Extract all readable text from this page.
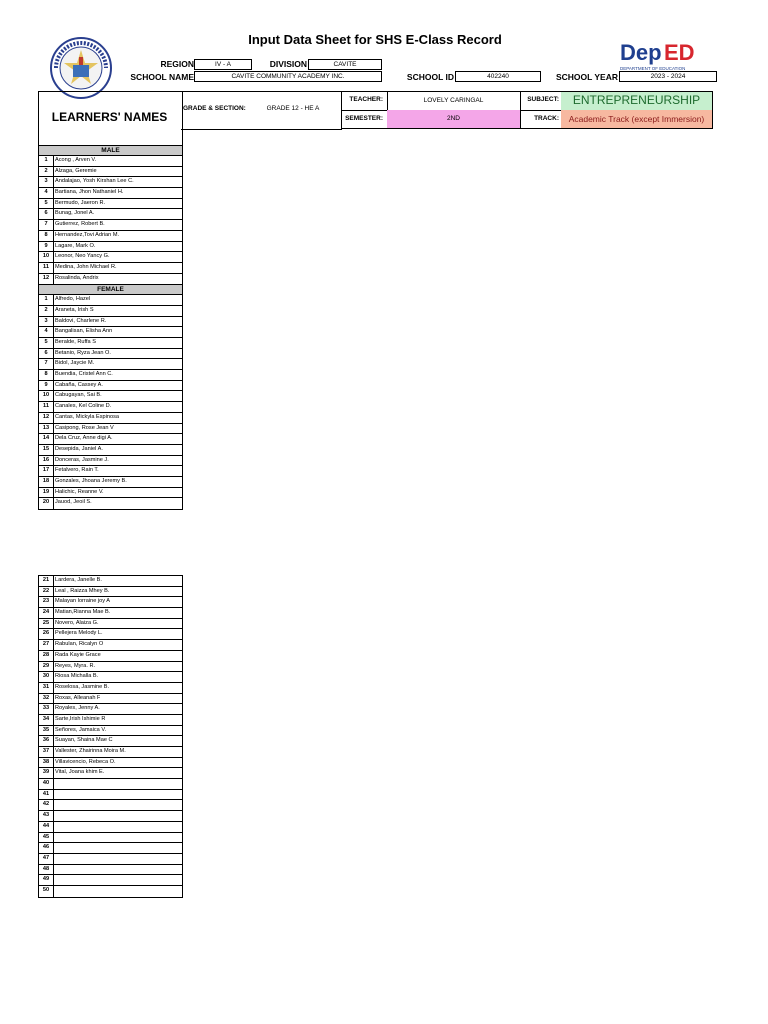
Input Data Sheet for SHS E-Class Record
Dep ED
DEPARTMENT OF EDUCATION
REGION	IV - A	DIVISION	CAVITE
SCHOOL NAME	CAVITE COMMUNITY ACADEMY INC.	SCHOOL ID	402240	SCHOOL YEAR	2023 - 2024
LEARNERS' NAMES
GRADE & SECTION:	GRADE 12 - HE A
TEACHER:	LOVELY CARINGAL
SEMESTER:	2ND
SUBJECT:	ENTREPRENEURSHIP
TRACK:	Academic Track (except Immersion)
MALE
1	Acong , Arven V.
2	Alzaga, Geremie
3	Andalajao, Yosh Kirshan Lee C.
4	Bartiana, Jhon Nathaniel H.
5	Bermudo, Jaeron R.
6	Bunag, Jonel A.
7	Gutierrez, Robert B.
8	Hernandez,Tovi Adrian M.
9	Lagare, Mark O.
10	Leonor, Neo Yancy G.
11	Medina, John Michael R.
12	Rosalinda, Andrix
FEMALE
1	Alfredo, Hazel
2	Araneta, Irish S
3	Baldovi, Charlene R.
4	Bangalisan, Elisha Ann
5	Beralde, Ruffa S
6	Betanio, Ryza Jean O.
7	Bidol, Jaycie M.
8	Buendia, Cristel Ann C.
9	Cabaña, Cassey A.
10	Cabugayan, Sai B.
11	Canales, Kel Coline D.
12	Cantas, Mickyla Espinosa
13	Casipong, Rose Jean V
14	Dela Cruz, Anne digi A.
15	Desepida, Janiel A.
16	Donceras, Jasmine J.
17	Fetalvero, Rain T.
18	Gonzales, Jhoana Jeremy B.
19	Halichic, Reanne V.
20	Jauod, Jeoil S.
21	Lardera, Janelle B.
22	Leal , Raizza Mhey B.
23	Malayan lorraine joy A
24	Matian,Rianna Mae B.
25	Novero, Alaiza G.
26	Pellejera Melody L.
27	Rabulan, Ricalyn O
28	Rada Kayie Grace
29	Reyes, Myra. R.
30	Riosa Michalla B.
31	Roselosa, Jasmine B.
32	Roxas, Alleanah F
33	Royales, Jenny A.
34	Sarte,Irish Ishimie R
35	Señores, Jamaica V.
36	Suayan, Shaina Mae C
37	Vallester, Zhairinna Moira M.
38	Villavicencio, Rebeca O.
39	Vital, Joana khim E.
40
41
42
43
44
45
46
47
48
49
50
